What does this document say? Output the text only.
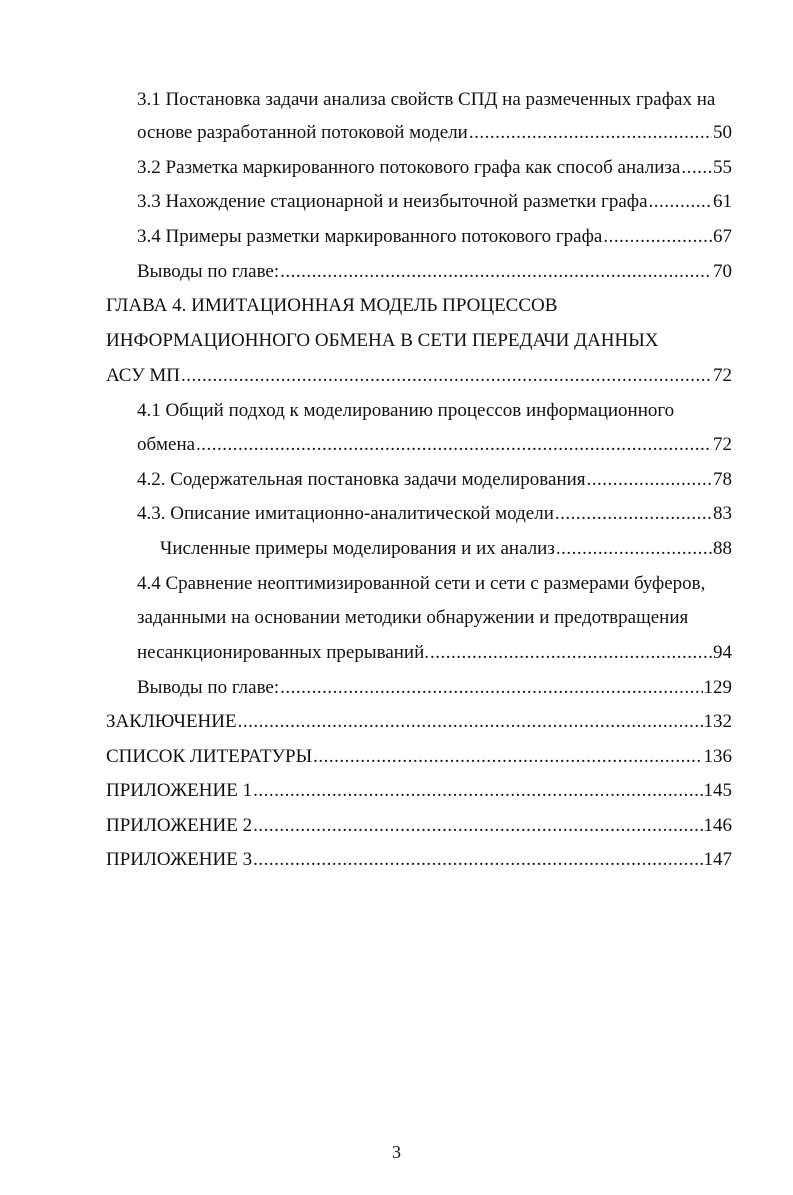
3.1 Постановка задачи анализа свойств СПД на размеченных графах на
основе разработанной потоковой модели .....	50
3.2 Разметка маркированного потокового графа как способ анализа ..... 55
3.3 Нахождение стационарной и неизбыточной разметки графа .....	61
3.4 Примеры разметки маркированного потокового графа .....	67
Выводы по главе: .....	70
ГЛАВА 4. ИМИТАЦИОННАЯ МОДЕЛЬ ПРОЦЕССОВ
ИНФОРМАЦИОННОГО ОБМЕНА В СЕТИ ПЕРЕДАЧИ ДАННЫХ
АСУ МП .....	72
4.1 Общий подход к моделированию процессов информационного
обмена .....	72
4.2. Содержательная постановка задачи моделирования .....	78
4.3. Описание имитационно-аналитической модели .....	83
Численные примеры моделирования и их анализ .....	88
4.4 Сравнение неоптимизированной сети и сети с размерами буферов,
заданными на основании методики обнаружении и предотвращения
несанкционированных прерываний. .....	94
Выводы по главе: .....	129
ЗАКЛЮЧЕНИЕ .....	132
СПИСОК ЛИТЕРАТУРЫ .....	136
ПРИЛОЖЕНИЕ 1 .....	145
ПРИЛОЖЕНИЕ 2 .....	146
ПРИЛОЖЕНИЕ 3 .....	147
3
